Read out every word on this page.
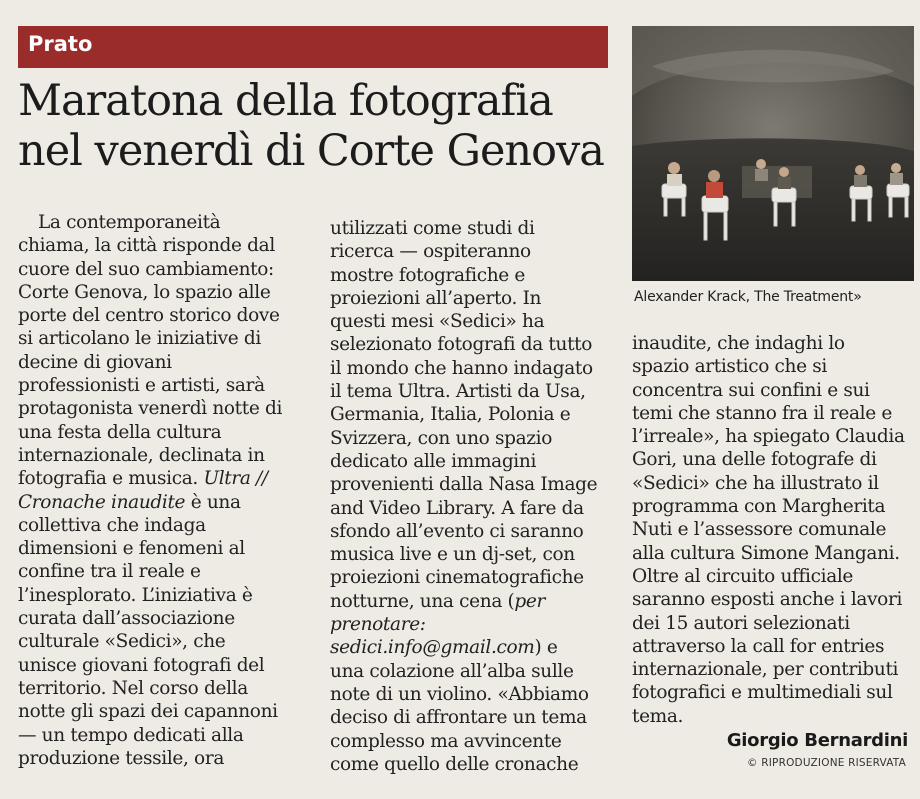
Prato
Maratona della fotografia
nel venerdì di Corte Genova
Alexander Krack, The Treatment»
La contemporaneità
chiama, la città risponde dal
cuore del suo cambiamento:
Corte Genova, lo spazio alle
porte del centro storico dove
si articolano le iniziative di
decine di giovani
professionisti e artisti, sarà
protagonista venerdì notte di
una festa della cultura
internazionale, declinata in
fotografia e musica. Ultra //
Cronache inaudite è una
collettiva che indaga
dimensioni e fenomeni al
confine tra il reale e
l’inesplorato. L’iniziativa è
curata dall’associazione
culturale «Sedici», che
unisce giovani fotografi del
territorio. Nel corso della
notte gli spazi dei capannoni
— un tempo dedicati alla
produzione tessile, ora
utilizzati come studi di
ricerca — ospiteranno
mostre fotografiche e
proiezioni all’aperto. In
questi mesi «Sedici» ha
selezionato fotografi da tutto
il mondo che hanno indagato
il tema Ultra. Artisti da Usa,
Germania, Italia, Polonia e
Svizzera, con uno spazio
dedicato alle immagini
provenienti dalla Nasa Image
and Video Library. A fare da
sfondo all’evento ci saranno
musica live e un dj-set, con
proiezioni cinematografiche
notturne, una cena (per
prenotare:
sedici.info@gmail.com) e
una colazione all’alba sulle
note di un violino. «Abbiamo
deciso di affrontare un tema
complesso ma avvincente
come quello delle cronache
inaudite, che indaghi lo
spazio artistico che si
concentra sui confini e sui
temi che stanno fra il reale e
l’irreale», ha spiegato Claudia
Gori, una delle fotografe di
«Sedici» che ha illustrato il
programma con Margherita
Nuti e l’assessore comunale
alla cultura Simone Mangani.
Oltre al circuito ufficiale
saranno esposti anche i lavori
dei 15 autori selezionati
attraverso la call for entries
internazionale, per contributi
fotografici e multimediali sul
tema.
Giorgio Bernardini
© RIPRODUZIONE RISERVATA
